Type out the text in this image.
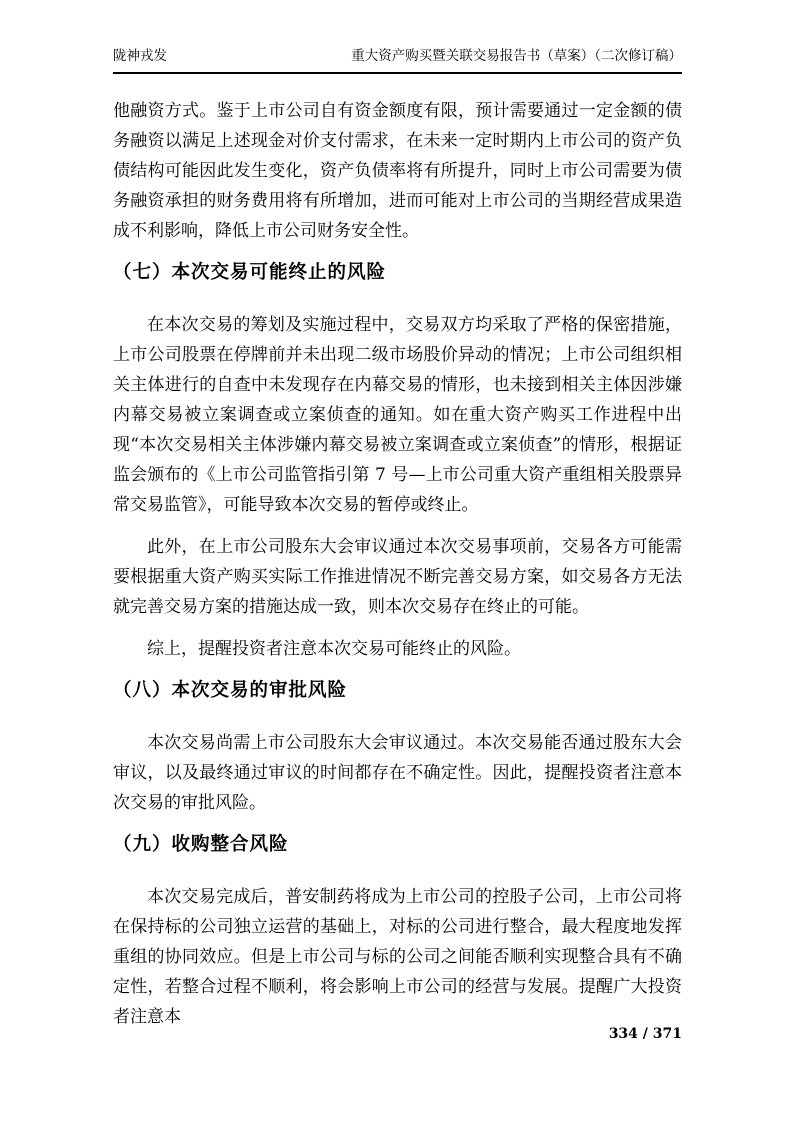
陇神戎发	重大资产购买暨关联交易报告书（草案）（二次修订稿）

他融资方式。鉴于上市公司自有资金额度有限，预计需要通过一定金额的债务融资以满足上述现金对价支付需求，在未来一定时期内上市公司的资产负债结构可能因此发生变化，资产负债率将有所提升，同时上市公司需要为债务融资承担的财务费用将有所增加，进而可能对上市公司的当期经营成果造成不利影响，降低上市公司财务安全性。

（七）本次交易可能终止的风险

在本次交易的筹划及实施过程中，交易双方均采取了严格的保密措施，上市公司股票在停牌前并未出现二级市场股价异动的情况；上市公司组织相关主体进行的自查中未发现存在内幕交易的情形，也未接到相关主体因涉嫌内幕交易被立案调查或立案侦查的通知。如在重大资产购买工作进程中出现“本次交易相关主体涉嫌内幕交易被立案调查或立案侦查”的情形，根据证监会颁布的《上市公司监管指引第 7 号—上市公司重大资产重组相关股票异常交易监管》，可能导致本次交易的暂停或终止。

此外，在上市公司股东大会审议通过本次交易事项前，交易各方可能需要根据重大资产购买实际工作推进情况不断完善交易方案，如交易各方无法就完善交易方案的措施达成一致，则本次交易存在终止的可能。

综上，提醒投资者注意本次交易可能终止的风险。

（八）本次交易的审批风险

本次交易尚需上市公司股东大会审议通过。本次交易能否通过股东大会审议，以及最终通过审议的时间都存在不确定性。因此，提醒投资者注意本次交易的审批风险。

（九）收购整合风险

本次交易完成后，普安制药将成为上市公司的控股子公司，上市公司将在保持标的公司独立运营的基础上，对标的公司进行整合，最大程度地发挥重组的协同效应。但是上市公司与标的公司之间能否顺利实现整合具有不确定性，若整合过程不顺利，将会影响上市公司的经营与发展。提醒广大投资者注意本

334 / 371
